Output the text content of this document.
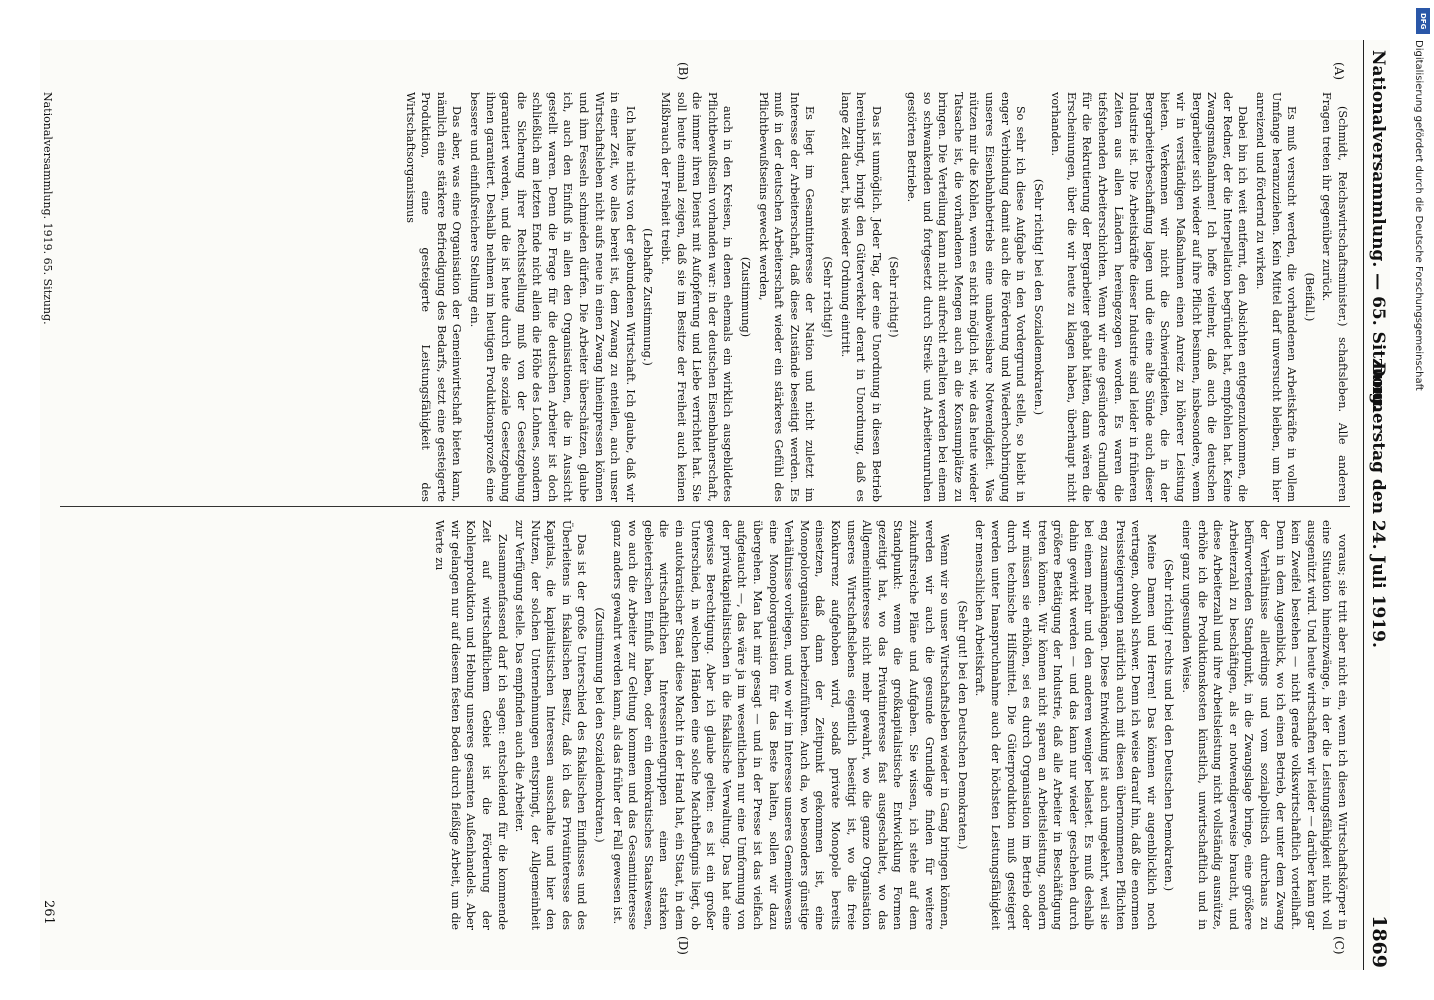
Nationalversammlung. — 65. Sitzung.
Donnerstag den 24. Juli 1919.
1869
(A)
(B)
(C)
(D)

(Schmidt, Reichswirtschaftsminister.) schaftsleben. Alle anderen Fragen treten ihr gegenüber zurück.

(Beifall.)

Es muß versucht werden, die vorhandenen Arbeitskräfte in vollem Umfange heranzuziehen. Kein Mittel darf unversucht bleiben, um hier anreizend und fördernd zu wirken.

Dabei bin ich weit entfernt, den Absichten entgegenzukommen, die der Redner, der die Interpellation begründet hat, empfohlen hat. Keine Zwangsmaßnahmen! Ich hoffe vielmehr, daß auch die deutschen Bergarbeiter sich wieder auf ihre Pflicht besinnen, insbesondere, wenn wir in verständigen Maßnahmen einen Anreiz zu höherer Leistung bieten. Verkennen wir nicht die Schwierigkeiten, die in der Bergarbeiterbeschaffung lagen und die eine alte Sünde auch dieser Industrie ist. Die Arbeitskräfte dieser Industrie sind leider in früheren Zeiten aus allen Ländern hereingezogen worden. Es waren die tiefstehenden Arbeiterschichten. Wenn wir eine gesündere Grundlage für die Rekrutierung der Bergarbeiter gehabt hätten, dann wären die Erscheinungen, über die wir heute zu klagen haben, überhaupt nicht vorhanden.

(Sehr richtig! bei den Sozialdemokraten.)

So sehr ich diese Aufgabe in den Vordergrund stelle, so bleibt in enger Verbindung damit auch die Förderung und Wiederhochbringung unseres Eisenbahnbetriebs eine unabweisbare Notwendigkeit. Was nützen mir die Kohlen, wenn es nicht möglich ist, wie das heute wieder Tatsache ist, die vorhandenen Mengen auch an die Konsumplätze zu bringen. Die Verteilung kann nicht aufrecht erhalten werden bei einem so schwankenden und fortgesetzt durch Streik- und Arbeiterunruhen gestörten Betriebe.

(Sehr richtig!)

Das ist unmöglich. Jeder Tag, der eine Unordnung in diesen Betrieb hereinbringt, bringt den Güterverkehr derart in Unordnung, daß es lange Zeit dauert, bis wieder Ordnung eintritt.

(Sehr richtig!)

Es liegt im Gesamtinteresse der Nation und nicht zuletzt im Interesse der Arbeiterschaft, daß diese Zustände beseitigt werden. Es muß in der deutschen Arbeiterschaft wieder ein stärkeres Gefühl des Pflichtbewußtseins geweckt werden,

(Zustimmung)

auch in den Kreisen, in denen ehemals ein wirklich ausgebildetes Pflichtbewußtsein vorhanden war: in der deutschen Eisenbahnerschaft, die immer ihren Dienst mit Aufopferung und Liebe verrichtet hat. Sie soll heute einmal zeigen, daß sie im Besitze der Freiheit auch keinen Mißbrauch der Freiheit treibt.

(Lebhafte Zustimmung.)

Ich halte nichts von der gebundenen Wirtschaft. Ich glaube, daß wir in einer Zeit, wo alles bereit ist, dem Zwang zu enteilen, auch unser Wirtschaftsleben nicht aufs neue in einen Zwang hineinpressen können und ihm Fesseln schmieden dürfen. Die Arbeiter überschätzen, glaube ich, auch den Einfluß in allen den Organisationen, die in Aussicht gestellt waren. Denn die Frage für die deutschen Arbeiter ist doch schließlich am letzten Ende nicht allein die Höhe des Lohnes, sondern die Sicherung ihrer Rechtsstellung muß von der Gesetzgebung garantiert werden, und die ist heute durch die soziale Gesetzgebung ihnen garantiert. Deshalb nehmen im heutigen Produktionsprozeß eine bessere und einflußreichere Stellung ein.

Das aber, was eine Organisation der Gemeinwirtschaft bieten kann, nämlich eine stärkere Befriedigung des Bedarfs, setzt eine gesteigerte Produktion, eine gesteigerte Leistungsfähigkeit des Wirtschaftsorganismus

voraus; sie tritt aber nicht ein, wenn ich diesen Wirtschaftskörper in eine Situation hineinzwänge, in der die Leistungsfähigkeit nicht voll ausgenützt wird. Und heute wirtschaften wir leider — darüber kann gar kein Zweifel bestehen — nicht gerade volkswirtschaftlich vorteilhaft. Denn in dem Augenblick, wo ich einen Betrieb, der unter dem Zwang der Verhältnisse allerdings und vom sozialpolitisch durchaus zu befürwortenden Standpunkt, in die Zwangslage bringe, eine größere Arbeiterzahl zu beschäftigen, als er notwendigerweise braucht, und diese Arbeiterzahl und ihre Arbeitsleistung nicht vollständig ausnütze, erhöhe ich die Produktionskosten künstlich, unwirtschaftlich und in einer ganz ungesunden Weise.

(Sehr richtig! rechts und bei den Deutschen Demokraten.)

Meine Damen und Herren! Das können wir augenblicklich noch vertragen, obwohl schwer. Denn ich weise darauf hin, daß die enormen Preissteigerungen natürlich auch mit diesen übernommenen Pflichten eng zusammenhängen. Diese Entwicklung ist auch umgekehrt, weil sie bei einem mehr und den anderen weniger belastet. Es muß deshalb dahin gewirkt werden — und das kann nur wieder geschehen durch größere Betätigung der Industrie, daß alle Arbeiter in Beschäftigung treten können. Wir können nicht sparen an Arbeitsleistung, sondern wir müssen sie erhöhen, sei es durch Organisation im Betrieb oder durch technische Hilfsmittel. Die Güterproduktion muß gesteigert werden unter Inanspruchnahme auch der höchsten Leistungsfähigkeit der menschlichen Arbeitskraft.

(Sehr gut! bei den Deutschen Demokraten.)

Wenn wir so unser Wirtschaftsleben wieder in Gang bringen können, werden wir auch die gesunde Grundlage finden für weitere zukunftsreiche Pläne und Aufgaben. Sie wissen, ich stehe auf dem Standpunkt: wenn die großkapitalistische Entwicklung Formen gezeitigt hat, wo das Privatinteresse fast ausgeschaltet, wo das Allgemeininteresse nicht mehr gewahrt, wo die ganze Organisation unseres Wirtschaftslebens eigentlich beseitigt ist, wo die freie Konkurrenz aufgehoben wird, sodaß private Monopole bereits einsetzen, daß dann der Zeitpunkt gekommen ist, eine Monopolorganisation herbeizuführen. Auch da, wo besonders günstige Verhältnisse vorliegen, und wo wir im Interesse unseres Gemeinwesens eine Monopolorganisation für das Beste halten, sollen wir dazu übergehen. Man hat mir gesagt — und in der Presse ist das vielfach aufgetaucht —, das wäre ja im wesentlichen nur eine Umformung von der privatkapitalistischen in die fiskalische Verwaltung. Das hat eine gewisse Berechtigung. Aber ich glaube gelten: es ist ein großer Unterschied, in welchen Händen eine solche Machtbefugnis liegt, ob ein autokratischer Staat diese Macht in der Hand hat, ein Staat, in dem die wirtschaftlichen Interessentengruppen einen starken gebieterischen Einfluß haben, oder ein demokratisches Staatswesen, wo auch die Arbeiter zur Geltung kommen und das Gesamtinteresse ganz anders gewahrt werden kann, als das früher der Fall gewesen ist.

(Zustimmung bei den Sozialdemokraten.)

Das ist der große Unterschied des fiskalischen Einflusses und des Überleitens in fiskalischen Besitz, daß ich das Privatinteresse des Kapitals, die kapitalistischen Interessen ausschalte und hier den Nutzen, der solchen Unternehmungen entspringt, der Allgemeinheit zur Verfügung stelle. Das empfinden auch die Arbeiter.

Zusammenfassend darf ich sagen: entscheidend für die kommende Zeit auf wirtschaftlichem Gebiet ist die Förderung der Kohlenproduktion und Hebung unseres gesamten Außenhandels. Aber wir gelangen nur auf diesem festen Boden durch fleißige Arbeit, um die Werte zu

Nationalversammlung. 1919. 65. Sitzung.
261
Digitalisierung gefördert durch die Deutsche Forschungsgemeinschaft
DFG
